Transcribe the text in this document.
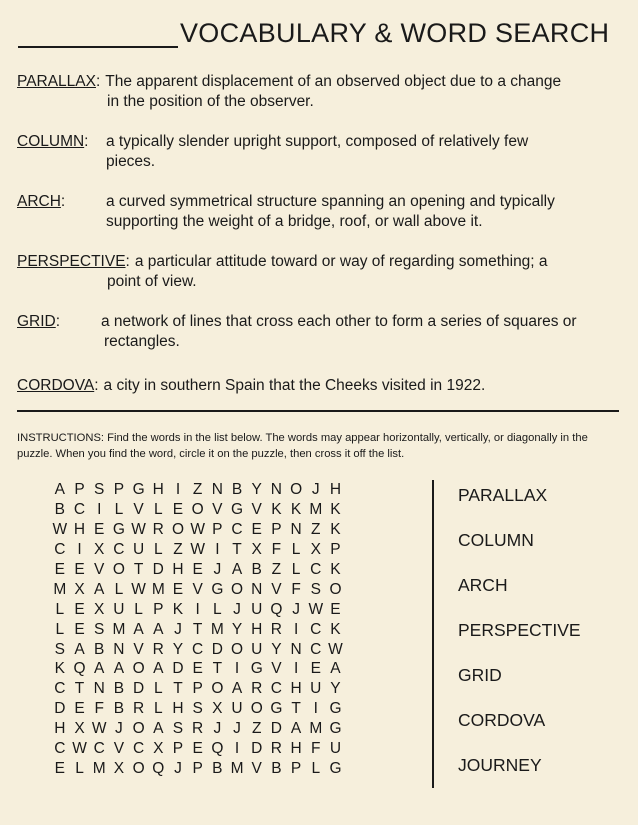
VOCABULARY & WORD SEARCH
PARALLAX: The apparent displacement of an observed object due to a change
in the position of the observer.
COLUMN: a typically slender upright support, composed of relatively few
pieces.
ARCH:	a curved symmetrical structure spanning an opening and typically
supporting the weight of a bridge, roof, or wall above it.
PERSPECTIVE: a particular attitude toward or way of regarding something; a
point of view.
GRID:	a network of lines that cross each other to form a series of squares or
rectangles.
CORDOVA: a city in southern Spain that the Cheeks visited in 1922.
INSTRUCTIONS: Find the words in the list below. The words may appear horizontally, vertically, or diagonally in the puzzle. When you find the word, circle it on the puzzle, then cross it off the list.
A P S P G H I Z N B Y N O J H
B C I L V L E O V G V K K M K
W H E G W R O W P C E P N Z K
C I X C U L Z W I T X F L X P
E E V O T D H E J A B Z L C K
M X A L W M E V G O N V F S O
L E X U L P K I L J U Q J W E
L E S M A A J T M Y H R I C K
S A B N V R Y C D O U Y N C W
K Q A A O A D E T I G V I E A
C T N B D L T P O A R C H U Y
D E F B R L H S X U O G T I G
H X W J O A S R J J Z D A M G
C W C V C X P E Q I D R H F U
E L M X O Q J P B M V B P L G
PARALLAX
COLUMN
ARCH
PERSPECTIVE
GRID
CORDOVA
JOURNEY
